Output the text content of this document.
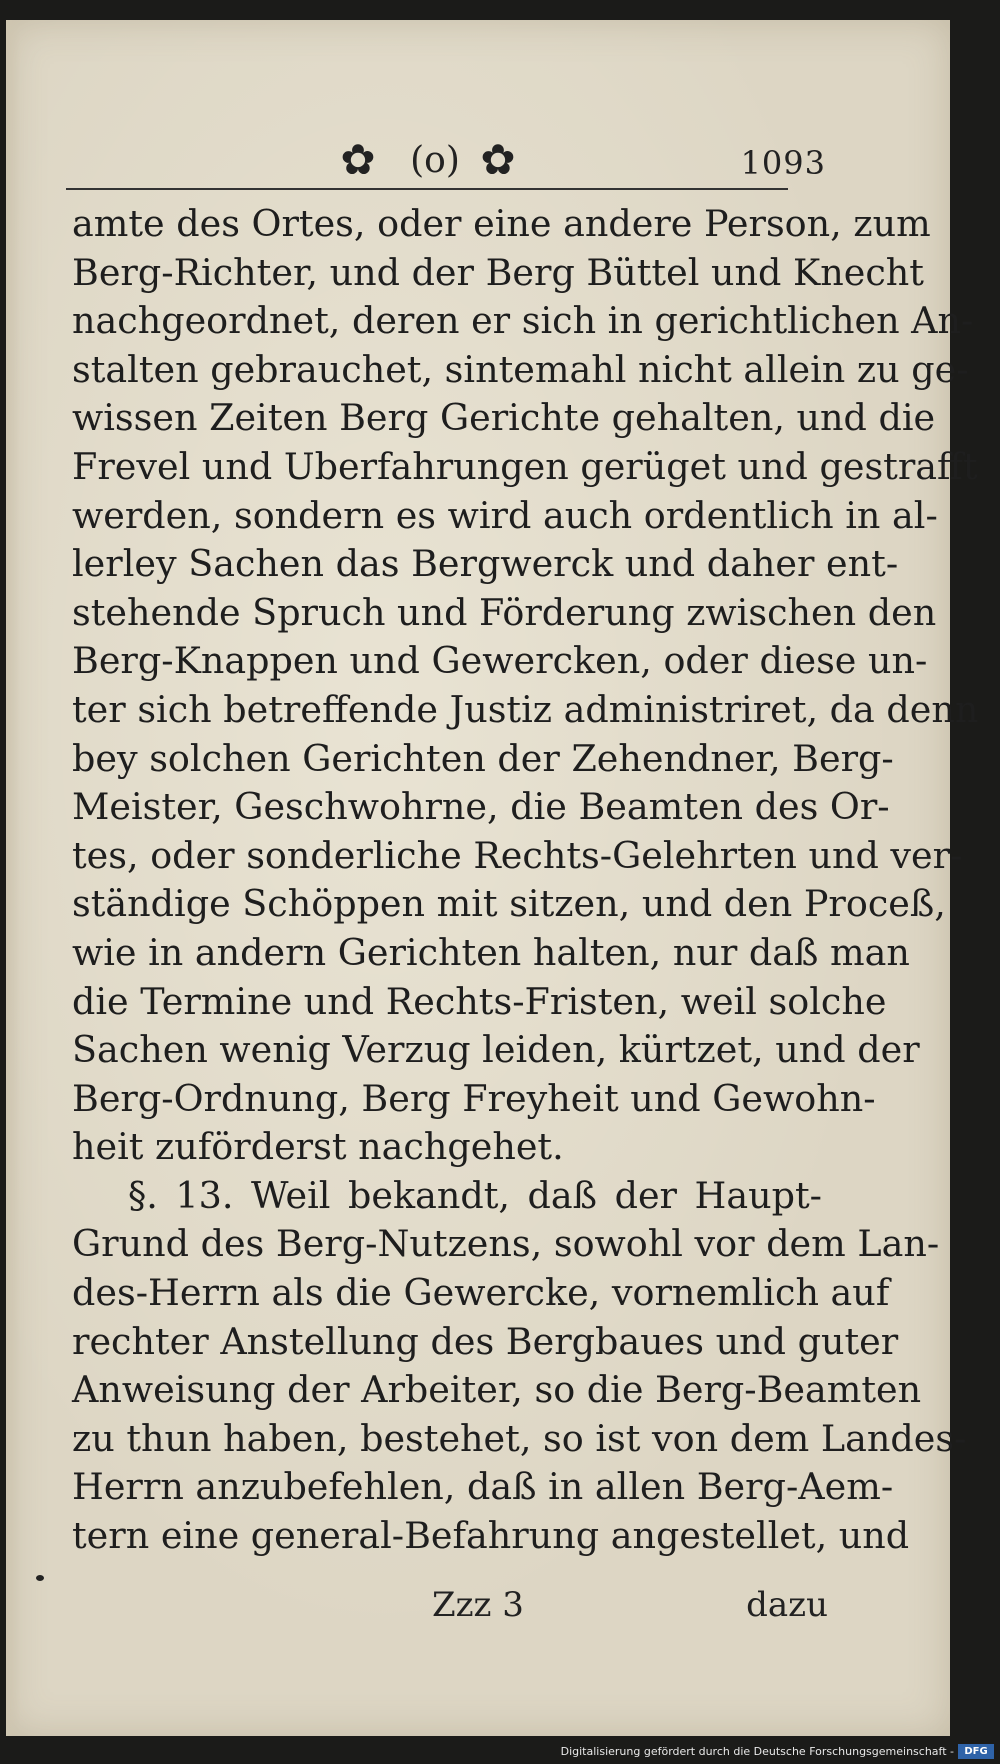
✿ (o) ✿	1093
amte des Ortes, oder eine andere Person, zum
Berg-Richter, und der Berg Büttel und Knecht
nachgeordnet, deren er sich in gerichtlichen An-
stalten gebrauchet, sintemahl nicht allein zu ge-
wissen Zeiten Berg Gerichte gehalten, und die
Frevel und Uberfahrungen gerüget und gestrafft
werden, sondern es wird auch ordentlich in al-
lerley Sachen das Bergwerck und daher ent-
stehende Spruch und Förderung zwischen den
Berg-Knappen und Gewercken, oder diese un-
ter sich betreffende Justiz administriret, da denn
bey solchen Gerichten der Zehendner, Berg-
Meister, Geschwohrne, die Beamten des Or-
tes, oder sonderliche Rechts-Gelehrten und ver-
ständige Schöppen mit sitzen, und den Proceß,
wie in andern Gerichten halten, nur daß man
die Termine und Rechts-Fristen, weil solche
Sachen wenig Verzug leiden, kürtzet, und der
Berg-Ordnung, Berg Freyheit und Gewohn-
heit zuförderst nachgehet.
§. 13. Weil bekandt, daß der Haupt-
Grund des Berg-Nutzens, sowohl vor dem Lan-
des-Herrn als die Gewercke, vornemlich auf
rechter Anstellung des Bergbaues und guter
Anweisung der Arbeiter, so die Berg-Beamten
zu thun haben, bestehet, so ist von dem Landes-
Herrn anzubefehlen, daß in allen Berg-Aem-
tern eine general-Befahrung angestellet, und
Zzz 3	dazu
Digitalisierung gefördert durch die Deutsche Forschungsgemeinschaft -	DFG
